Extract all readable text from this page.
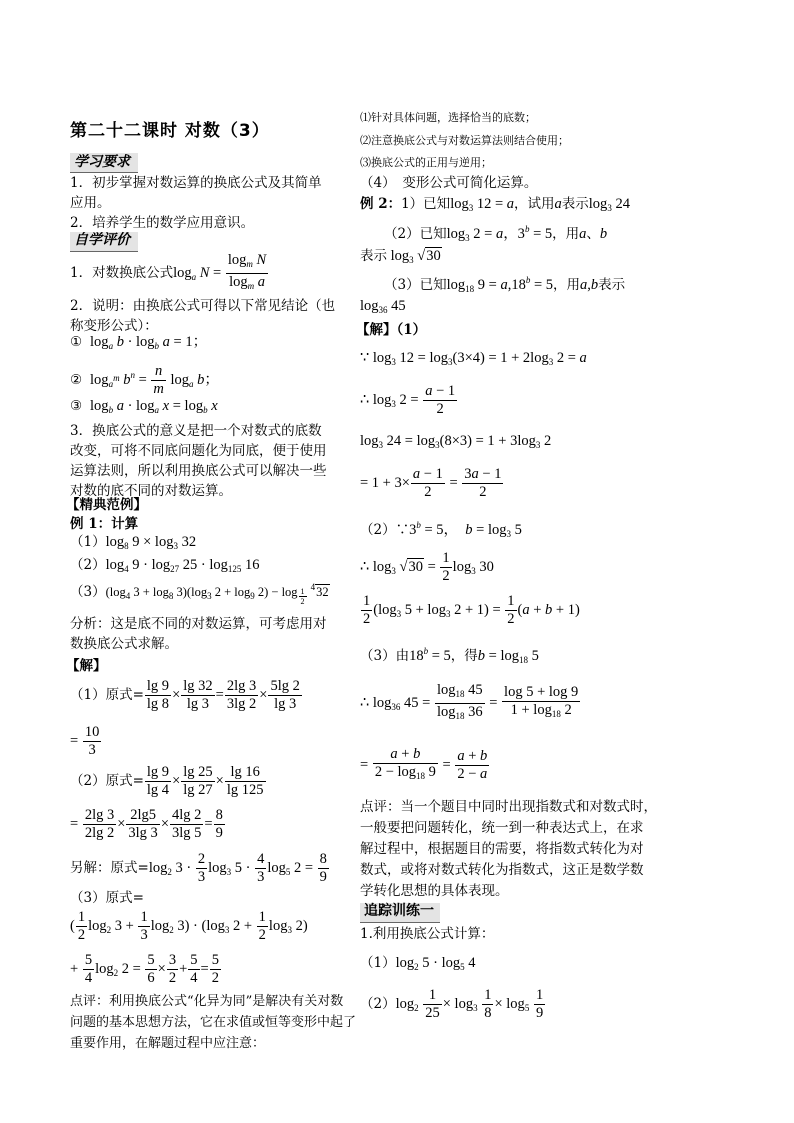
第二十二课时 对数（3）
学习要求
1．初步掌握对数运算的换底公式及其简单
应用。
2．培养学生的数学应用意识。
自学评价
1．对数换底公式$\log_a N = \frac{\log_m N}{\log_m a}$
2．说明：由换底公式可得以下常见结论（也
称变形公式）：
①  $\log_a b \cdot \log_b a = 1$；
②  $\log_{a^m} b^n = \frac{n}{m} \log_a b$；
③  $\log_b a \cdot \log_a x = \log_b x$
3．换底公式的意义是把一个对数式的底数
改变，可将不同底问题化为同底，便于使用
运算法则，所以利用换底公式可以解决一些
对数的底不同的对数运算。
【精典范例】
例 1：计算
$(1)\log_8$ $9 \times \log_3 32$
$(2)\log_4$ $9 \cdot \log_{27} 25 \cdot \log_{125} 16$
$(3)(\log_4$ $3 + \log_8 3)(\log_3$ $2 + \log_9 2) - \log _{\frac{1}{2}}$
$^4$32
分析：这是底不同的对数运算，可考虑用对
数换底公式求解。
【解】
（1）原式= $\frac{\lg 9}{\lg 8} \times \frac{\lg 32}{\lg 3} = \frac{2\lg 3}{3\lg 2} \times \frac{5\lg 2}{\lg 3}$
= $\frac{10}{3}$
（2）原式= $\frac{\lg 9}{\lg 4} \times \frac{\lg 25}{\lg 27} \times \frac{\lg 16}{\lg 125}$
= $\frac{2\lg 3}{2\lg 2} \times \frac{2\lg 5}{3\lg 3} \times \frac{4\lg 2}{3\lg 5} = \frac{8}{9}$
另解：原式$=\log_2$ $3 \cdot \frac{2}{3} \log_3 5 \cdot \frac{4}{3} \log_5 2 = \frac{8}{9}$
（3）原式=
( $\frac{1}{2} \log_2 3 + \frac{1}{3} \log_2 3) \cdot (\log_3$ $2 + \frac{1}{2} \log_3 2$)
+ $\frac{5}{4} \log_2 2 = \frac{5}{6} \times \frac{3}{2} + \frac{5}{4} = \frac{5}{2}$
点评：利用换底公式“化异为同”是解决有关对数
问题的基本思想方法，它在求值或恒等变形中起了
重要作用，在解题过程中应注意：
⑴针对具体问题，选择恰当的底数；
⑵注意换底公式与对数运算法则结合使用；
⑶换底公式的正用与逆用；
（4）　变形公式可简化运算。
例 2：1）已知$\log_3 12 = a$，试用a表示$\log_3 24$
（2）已知$\log_3 2 = a$，$3^b = 5$，用a、b
表示 $\log_3 √30$
（3）已知$\log_{18} 9 = a,18^b = 5$，用a,b表示
$\log_{36} 45$
【解】（1）
∵ $\log_3 12 = \log_3(3\times 4) = 1 + 2\log_3$ 2 = a
∴ $\log_3 2 = \frac{a - 1}{2}$
$\log_3 24 = \log_3(8\times 3) = 1 + 3\log_3$ 2
= $1 + 3\times \frac{a - 1}{2} = \frac{3a - 1}{2}$
$(2)\because 3^b = 5$，  $b = \log_3 5$
∴ $\log_3 √30 = \frac{1}{2} \log_3 30$
$\frac{1}{2} (\log_3$ $5 + \log_3 2 + 1) = \frac{1}{2} (a + b + 1)$
（3）由$18^b = 5$，得$b = \log_{18} 5$
∴ $\log_{36} 45 = \frac{\log_{18} 45}{\log_{18} 36} = \frac{\log 5 + \log 9}{1 + \log_{18} 2}$
= $\frac{a + b}{2 - \log_{18} 9} = \frac{a + b}{2 - a}$
点评：当一个题目中同时出现指数式和对数式时，
一般要把问题转化，统一到一种表达式上，在求
解过程中，根据题目的需要，将指数式转化为对
数式，或将对数式转化为指数式，这正是数学数
学转化思想的具体表现。
追踪训练一
1.利用换底公式计算：
$(1)\log_2$ $5 \cdot \log_5 4$
$(2)\log_2 \frac{1}{25} \times \log_3 \frac{1}{8} \times \log_5 \frac{1}{9}$
